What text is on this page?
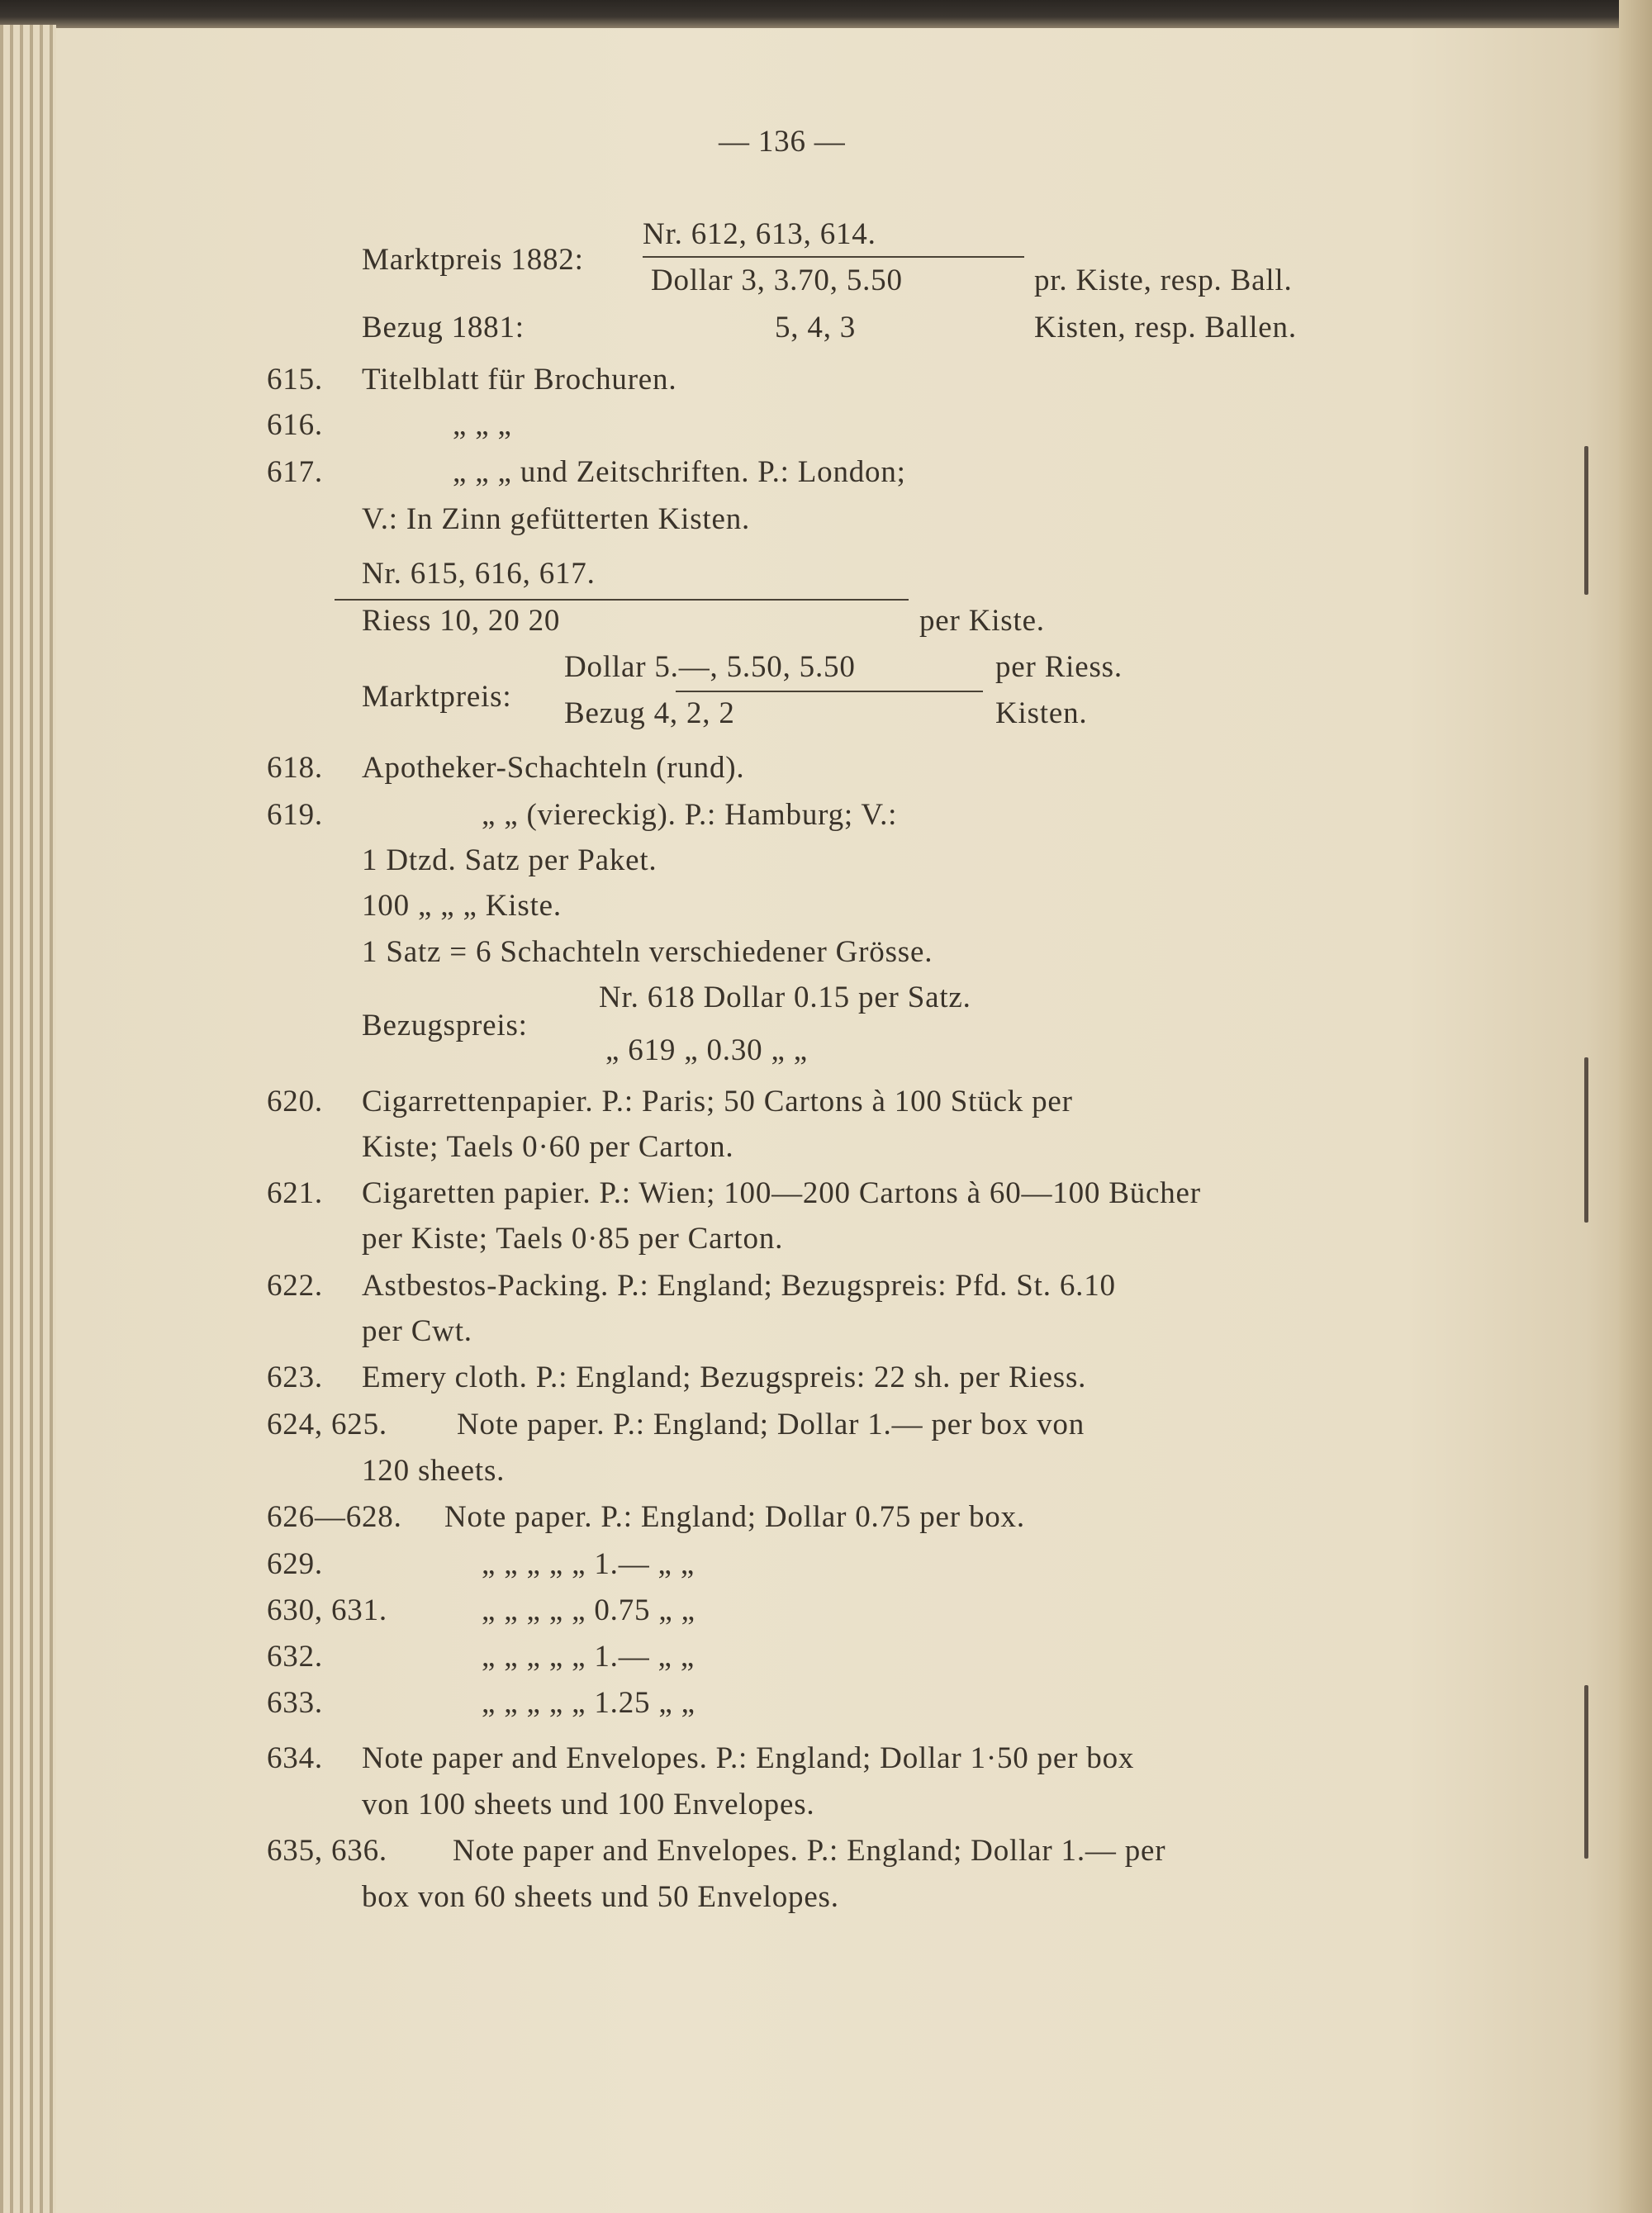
— 136 —
Marktpreis 1882:
Nr. 612, 613, 614.
Dollar 3, 3.70, 5.50	pr. Kiste, resp. Ball.
Bezug 1881:	5, 4, 3	Kisten, resp. Ballen.
615. Titelblatt für Brochuren.
616.	„ „ „
617.	„ „ „ und Zeitschriften. P.: London;
V.: In Zinn gefütterten Kisten.
Nr. 615, 616, 617.
Riess 10, 20 20	per Kiste.
Marktpreis:
Dollar 5.—, 5.50, 5.50	per Riess.
Bezug 4, 2, 2	Kisten.
618. Apotheker-Schachteln (rund).
619.	„ „ (viereckig). P.: Hamburg; V.:
1 Dtzd. Satz per Paket.
100 „ „ „ Kiste.
1 Satz = 6 Schachteln verschiedener Grösse.
Bezugspreis:
Nr. 618 Dollar 0.15 per Satz.
„ 619 „ 0.30 „ „
620. Cigarrettenpapier. P.: Paris; 50 Cartons à 100 Stück per
Kiste; Taels 0·60 per Carton.
621. Cigaretten papier. P.: Wien; 100—200 Cartons à 60—100 Bücher
per Kiste; Taels 0·85 per Carton.
622. Astbestos-Packing. P.: England; Bezugspreis: Pfd. St. 6.10
per Cwt.
623. Emery cloth. P.: England; Bezugspreis: 22 sh. per Riess.
624, 625. Note paper. P.: England; Dollar 1.— per box von
120 sheets.
626—628. Note paper. P.: England; Dollar 0.75 per box.
629.	„ „ „ „ „ 1.— „ „
630, 631.	„ „ „ „ „ 0.75 „ „
632.	„ „ „ „ „ 1.— „ „
633.	„ „ „ „ „ 1.25 „ „
634. Note paper and Envelopes. P.: England; Dollar 1·50 per box
von 100 sheets und 100 Envelopes.
635, 636. Note paper and Envelopes. P.: England; Dollar 1.— per
box von 60 sheets und 50 Envelopes.
